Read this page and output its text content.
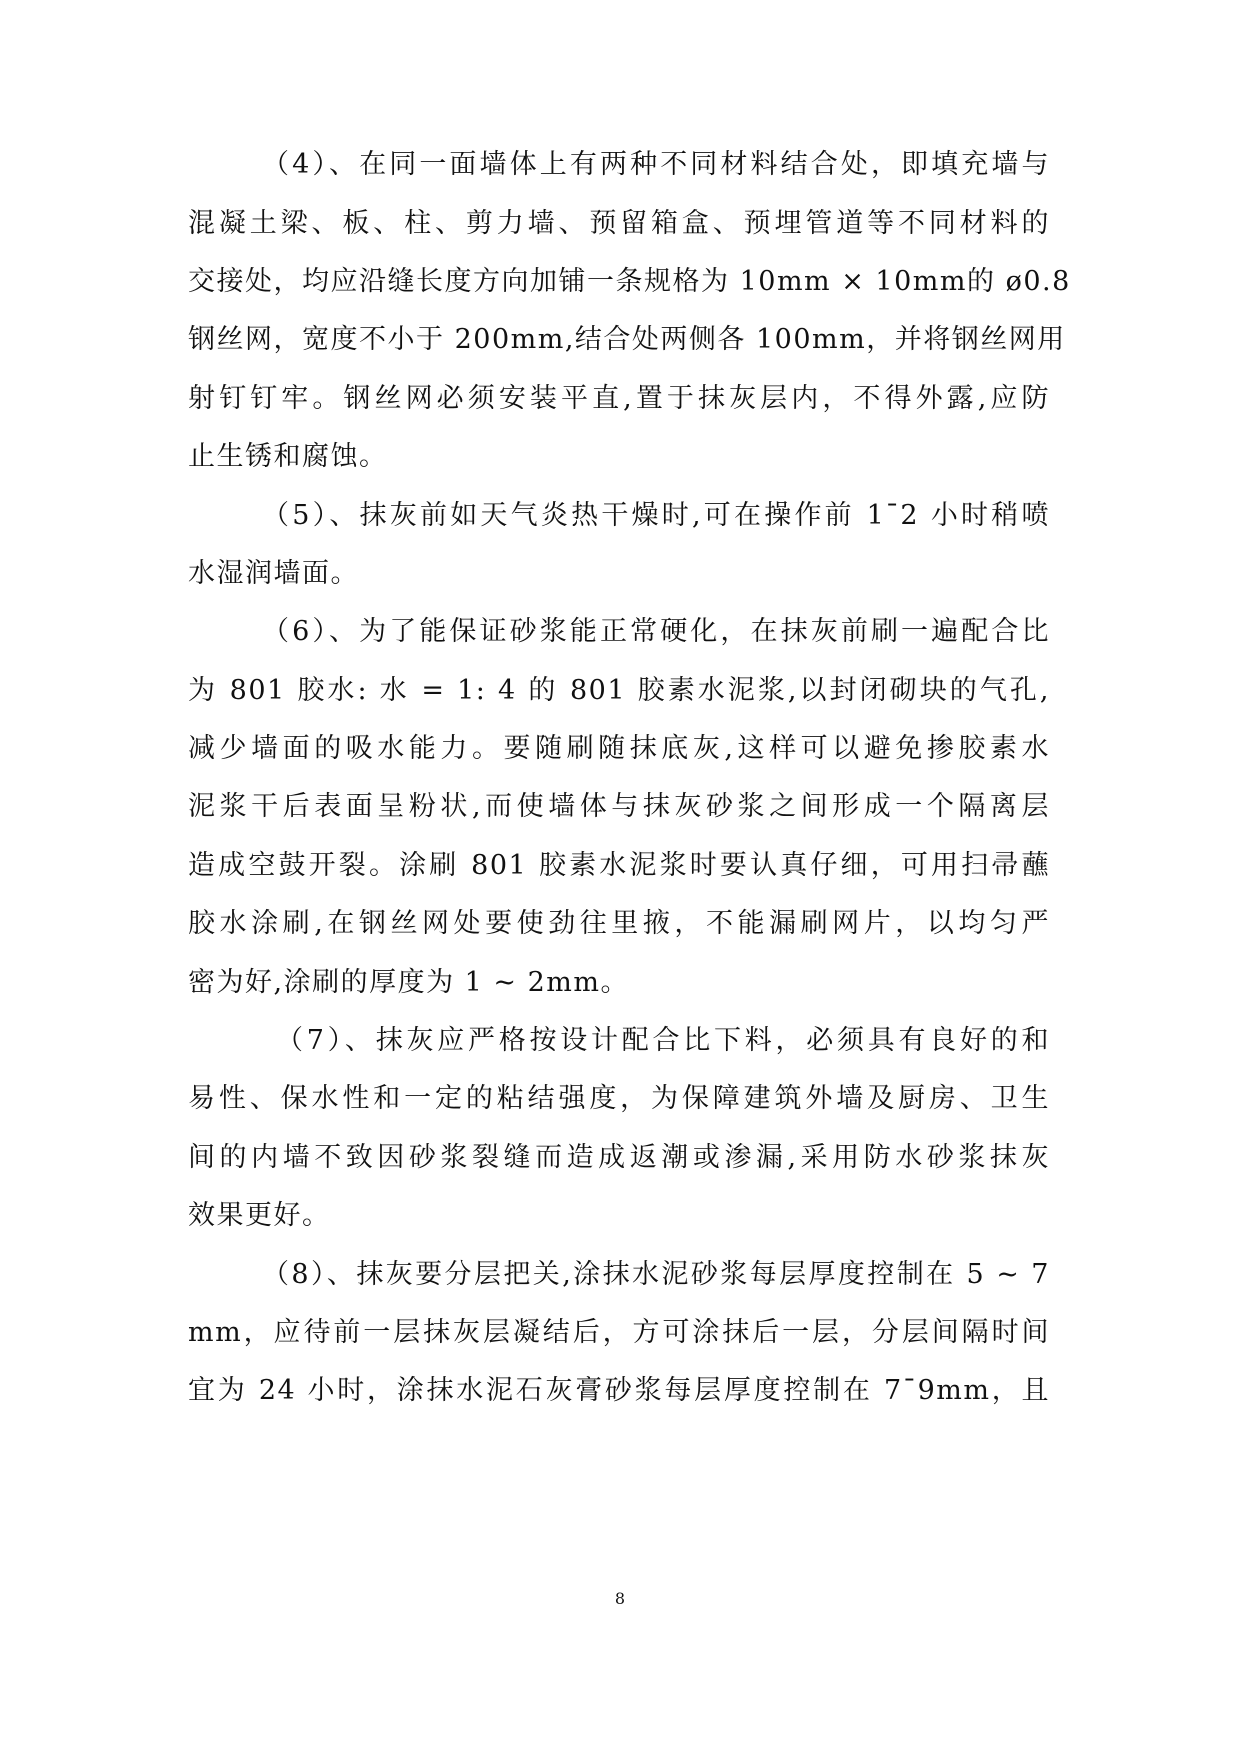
（4）、在同一面墙体上有两种不同材料结合处，即填充墙与
混凝土梁、板、柱、剪力墙、预留箱盒、预埋管道等不同材料的
交接处，均应沿缝长度方向加铺一条规格为 10mm × 10mm的 ø0.8
钢丝网，宽度不小于 200mm,结合处两侧各 100mm，并将钢丝网用
射钉钉牢。钢丝网必须安装平直,置于抹灰层内，不得外露,应防
止生锈和腐蚀。
（5）、抹灰前如天气炎热干燥时,可在操作前 1¯2 小时稍喷
水湿润墙面。
（6）、为了能保证砂浆能正常硬化，在抹灰前刷一遍配合比
为 801 胶水: 水 = 1: 4 的 801 胶素水泥浆,以封闭砌块的气孔,
减少墙面的吸水能力。要随刷随抹底灰,这样可以避免掺胶素水
泥浆干后表面呈粉状,而使墙体与抹灰砂浆之间形成一个隔离层
造成空鼓开裂。涂刷 801 胶素水泥浆时要认真仔细，可用扫帚蘸
胶水涂刷,在钢丝网处要使劲往里掖，不能漏刷网片，以均匀严
密为好,涂刷的厚度为 1 ~ 2mm。
（7）、抹灰应严格按设计配合比下料，必须具有良好的和
易性、保水性和一定的粘结强度，为保障建筑外墙及厨房、卫生
间的内墙不致因砂浆裂缝而造成返潮或渗漏,采用防水砂浆抹灰
效果更好。
（8）、抹灰要分层把关,涂抹水泥砂浆每层厚度控制在 5 ~ 7
mm，应待前一层抹灰层凝结后，方可涂抹后一层，分层间隔时间
宜为 24 小时，涂抹水泥石灰膏砂浆每层厚度控制在 7¯9mm，且
8
